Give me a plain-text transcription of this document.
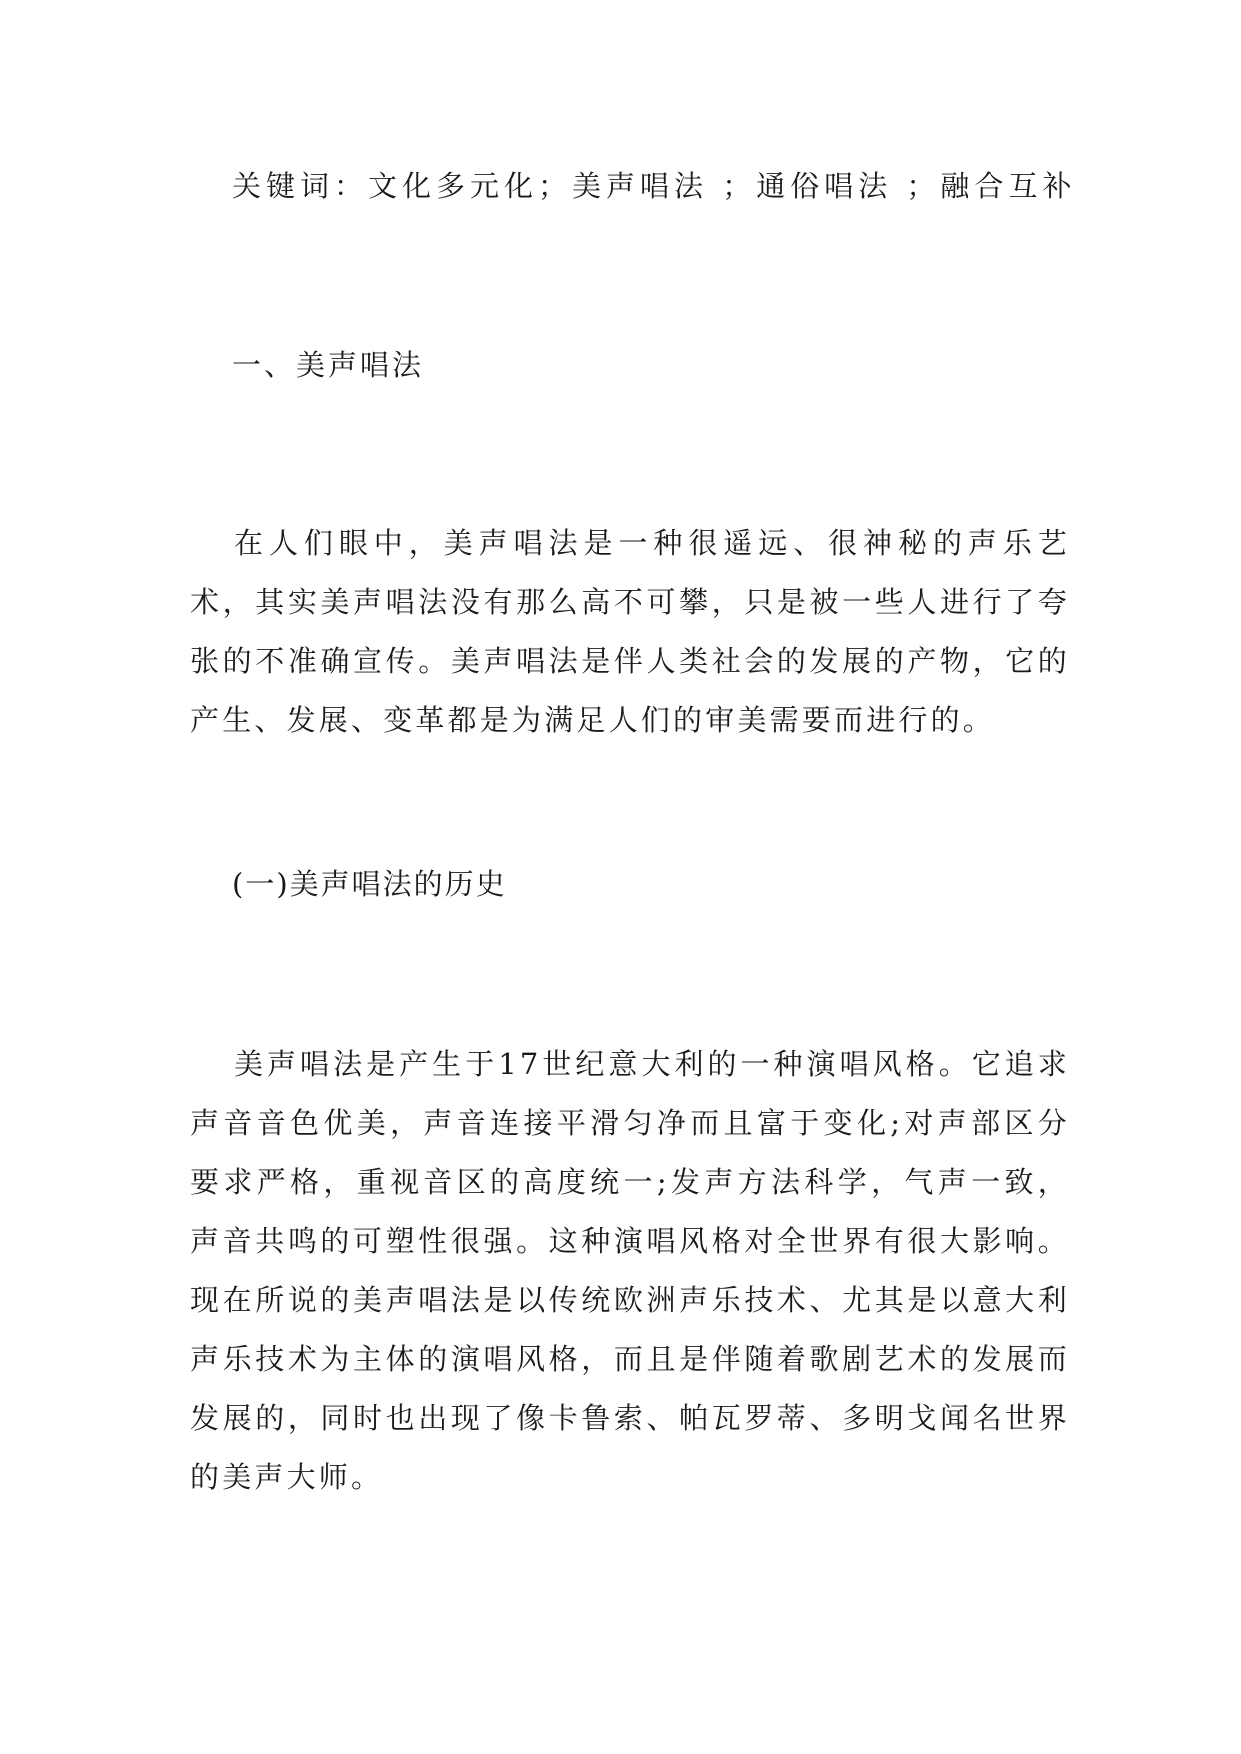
关键词：文化多元化；美声唱法 ；通俗唱法 ；融合互补
一、美声唱法

在人们眼中，美声唱法是一种很遥远、很神秘的声乐艺术，其实美声唱法没有那么高不可攀，只是被一些人进行了夸张的不准确宣传。美声唱法是伴人类社会的发展的产物，它的产生、发展、变革都是为满足人们的审美需要而进行的。

(一)美声唱法的历史

美声唱法是产生于17世纪意大利的一种演唱风格。它追求声音音色优美，声音连接平滑匀净而且富于变化;对声部区分要求严格，重视音区的高度统一;发声方法科学，气声一致，声音共鸣的可塑性很强。这种演唱风格对全世界有很大影响。现在所说的美声唱法是以传统欧洲声乐技术、尤其是以意大利声乐技术为主体的演唱风格，而且是伴随着歌剧艺术的发展而发展的，同时也出现了像卡鲁索、帕瓦罗蒂、多明戈闻名世界的美声大师。
